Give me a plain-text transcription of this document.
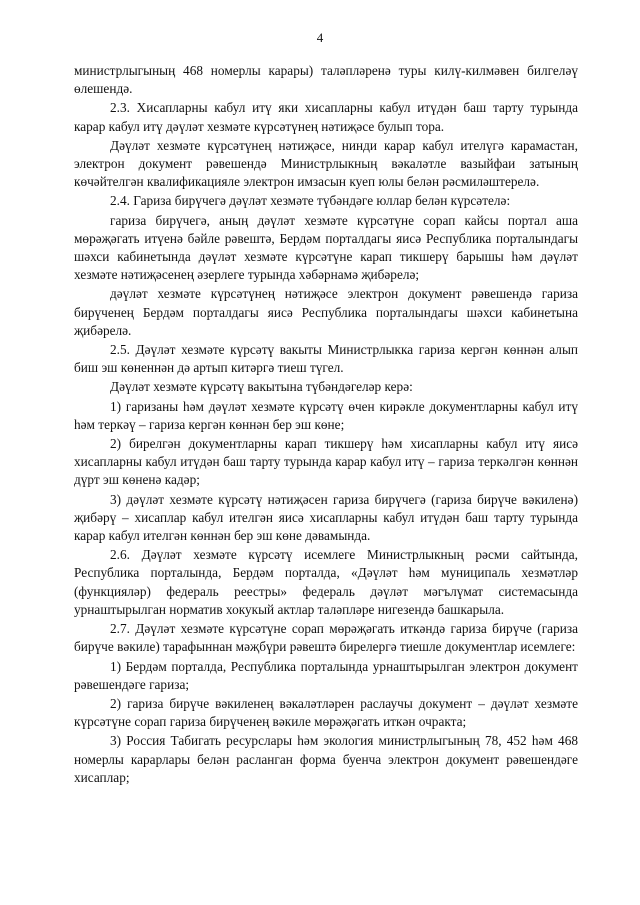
4

министрлыгының 468 номерлы карары) таләпләренә туры килү-килмәвен билгеләү өлешендә.

2.3. Хисапларны кабул итү яки хисапларны кабул итүдән баш тарту турында карар кабул итү дәүләт хезмәте күрсәтүнең нәтиҗәсе булып тора.

Дәүләт хезмәте күрсәтүнең нәтиҗәсе, нинди карар кабул ителүгә карамастан, электрон документ рәвешендә Министрлыкның вәкаләтле вазыйфаи затының көчәйтелгән квалификацияле электрон имзасын куеп юлы белән рәсмиләштерелә.

2.4. Гариза бирүчегә дәүләт хезмәте түбәндәге юллар белән күрсәтелә:

гариза бирүчегә, аның дәүләт хезмәте күрсәтүне сорап кайсы портал аша мөрәҗәгать итүенә бәйле рәвештә, Бердәм порталдагы яисә Республика порталындагы шәхси кабинетында дәүләт хезмәте күрсәтүне карап тикшерү барышы һәм дәүләт хезмәте нәтиҗәсенең әзерлеге турында хәбәрнамә җибәрелә;

дәүләт хезмәте күрсәтүнең нәтиҗәсе электрон документ рәвешендә гариза бирүченең Бердәм порталдагы яисә Республика порталындагы шәхси кабинетына җибәрелә.

2.5. Дәүләт хезмәте күрсәтү вакыты Министрлыкка гариза кергән көннән алып биш эш көненнән дә артып китәргә тиеш түгел.

Дәүләт хезмәте күрсәтү вакытына түбәндәгеләр керә:

1) гаризаны һәм дәүләт хезмәте күрсәтү өчен кирәкле документларны кабул итү һәм теркәү – гариза кергән көннән бер эш көне;

2) бирелгән документларны карап тикшерү һәм хисапларны кабул итү яисә хисапларны кабул итүдән баш тарту турында карар кабул итү – гариза теркәлгән көннән дүрт эш көненә кадәр;

3) дәүләт хезмәте күрсәтү нәтиҗәсен гариза бирүчегә (гариза бирүче вәкиленә) җибәрү – хисаплар кабул ителгән яисә хисапларны кабул итүдән баш тарту турында карар кабул ителгән көннән бер эш көне дәвамында.

2.6. Дәүләт хезмәте күрсәтү исемлеге Министрлыкның рәсми сайтында, Республика порталында, Бердәм порталда, «Дәүләт һәм муниципаль хезмәтләр (функцияләр) федераль реестры» федераль дәүләт мәгълүмат системасында урнаштырылган норматив хокукый актлар таләпләре нигезендә башкарыла.

2.7. Дәүләт хезмәте күрсәтүне сорап мөрәҗәгать иткәндә гариза бирүче (гариза бирүче вәкиле) тарафыннан мәҗбүри рәвештә бирелергә тиешле документлар исемлеге:

1) Бердәм порталда, Республика порталында урнаштырылган электрон документ рәвешендәге гариза;

2) гариза бирүче вәкиленең вәкаләтләрен раслаучы документ – дәүләт хезмәте күрсәтүне сорап гариза бирүченең вәкиле мөрәҗәгать иткән очракта;

3) Россия Табигать ресурслары һәм экология министрлыгының 78, 452 һәм 468 номерлы карарлары белән расланган форма буенча электрон документ рәвешендәге хисаплар;
